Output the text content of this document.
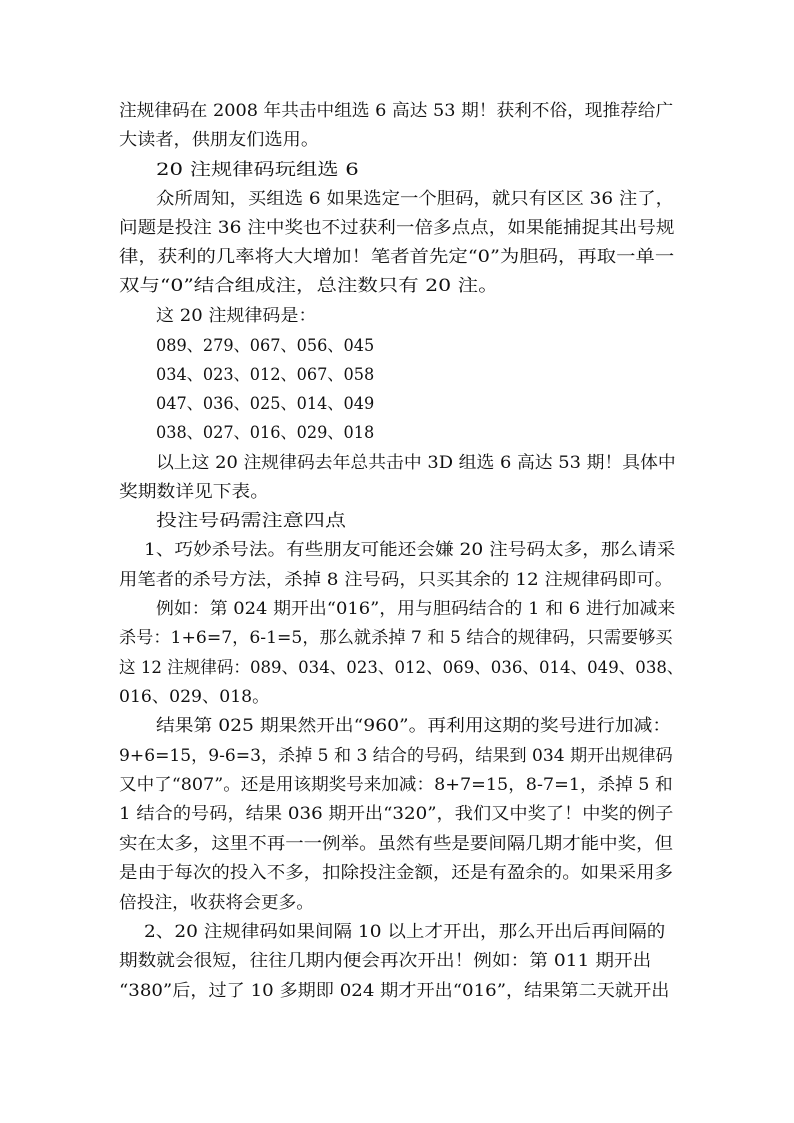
注规律码在 2008 年共击中组选 6 高达 53 期！获利不俗，现推荐给广
大读者，供朋友们选用。
20 注规律码玩组选 6
众所周知，买组选 6 如果选定一个胆码，就只有区区 36 注了，
问题是投注 36 注中奖也不过获利一倍多点点，如果能捕捉其出号规
律，获利的几率将大大增加！笔者首先定“0”为胆码，再取一单一
双与“0”结合组成注，总注数只有 20 注。
这 20 注规律码是：
089、279、067、056、045
034、023、012、067、058
047、036、025、014、049
038、027、016、029、018
以上这 20 注规律码去年总共击中 3D 组选 6 高达 53 期！具体中
奖期数详见下表。
投注号码需注意四点
1、巧妙杀号法。有些朋友可能还会嫌 20 注号码太多，那么请采
用笔者的杀号方法，杀掉 8 注号码，只买其余的 12 注规律码即可。
例如：第 024 期开出“016”，用与胆码结合的 1 和 6 进行加减来
杀号：1+6=7，6-1=5，那么就杀掉 7 和 5 结合的规律码，只需要够买
这 12 注规律码：089、034、023、012、069、036、014、049、038、
016、029、018。
结果第 025 期果然开出“960”。再利用这期的奖号进行加减：
9+6=15，9-6=3，杀掉 5 和 3 结合的号码，结果到 034 期开出规律码
又中了“807”。还是用该期奖号来加减：8+7=15，8-7=1，杀掉 5 和
1 结合的号码，结果 036 期开出“320”，我们又中奖了！中奖的例子
实在太多，这里不再一一例举。虽然有些是要间隔几期才能中奖，但
是由于每次的投入不多，扣除投注金额，还是有盈余的。如果采用多
倍投注，收获将会更多。
2、20 注规律码如果间隔 10 以上才开出，那么开出后再间隔的
期数就会很短，往往几期内便会再次开出！例如：第 011 期开出
“380”后，过了 10 多期即 024 期才开出“016”，结果第二天就开出
